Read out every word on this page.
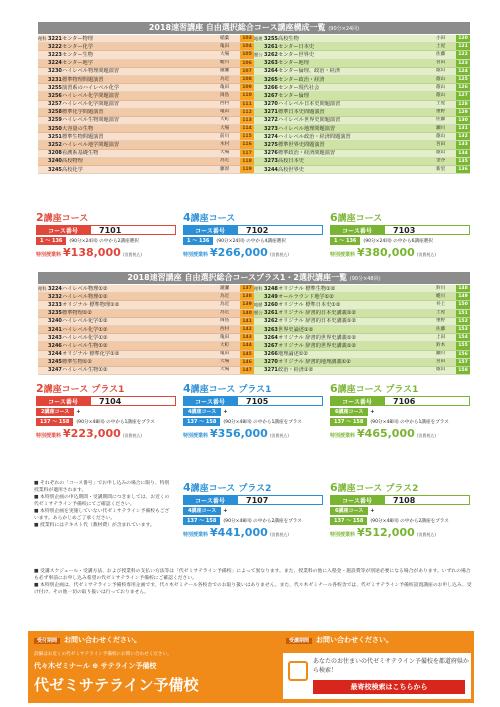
2018速習講座 自由選択総合コース講座構成一覧 (90分×24回)
理科 3221 センター物理	稲葉	103
3222 センター化学	亀田	104
3223 センター生物	大場	105
3224 センター地学	蜷川	106
3230 ハイレベル物理問題演習	瀧瀬	107
3231 標準物理問題演習	為近	108
3255 演習系のハイレベル化学	亀田	109
3256 ハイレベル化学問題演習	岡島	110
3257 ハイレベル化学問題演習	西村	111
3258 標準化学問題演習	亀田	112
3259 ハイレベル生物問題演習	大町	113
3250 大容量の生物	大場	114
3251 標準生物問題演習	前川	115
3252 ハイレベル地学問題演習	木村	116
3208 看護系基礎生物	大場	117
3240 高校物理	為近	118
3245 高校化学	藤原	119
地理 3255 高校生物	小田	120
3261 センター日本史	土屋	121
歴公 3262 センター世界史	佐藤	122
3263 センター地理	宮田	123
3264 センター倫理、政治・経済	蔭山	124
3265 センター政治・経済	蔭山	125
3266 センター現代社会	蔭山	126
3267 センター倫理	蔭山	127
3270 ハイレベル日本史問題演習	土屋	128
3271 標準日本史問題演習	重野	129
3272 ハイレベル世界史問題演習	佐藤	130
3273 ハイレベル地理問題演習	瀬川	131
3274 ハイレベル政治・経済問題演習	蔭山	132
3275 標準世界史問題演習	宮田	133
3276 標準政治・経済問題演習	蔭山	134
3273 高校日本史	金谷	135
3244 高校世界史	新里	136
2講座コース
コース番号	7101
1 〜 136	(90分×24回) の中から2講座選択
特別授業料 ¥138,000 (消費税込)
4講座コース
コース番号	7102
1 〜 136	(90分×24回) の中から4講座選択
特別授業料 ¥266,000 (消費税込)
6講座コース
コース番号	7103
1 〜 136	(90分×24回) の中から6講座選択
特別授業料 ¥380,000 (消費税込)
2018速習講座 自由選択総合コースプラス1・2選択講座一覧 (90分×48回)
理科 3224 ハイレベル物理①②	瀧瀬	137
3232 ハイレベル物理①②	為近	138
3233 オリジナル 標準物理①②	為近	139
3235 標準物理①②	為近	140
3240 ハイレベル化学①②	岡島	141
3241 ハイレベル化学①②	西村	142
3243 ハイレベル化学①②	亀田	143
3246 ハイレベル生物①②	大町	144
3244 オリジナル 標準化学①②	亀田	145
3245 標準生物①②	大場	146
3247 ハイレベル生物①②	大場	147
理科 3248 オリジナル 標準生物①②	鈴川	148
3249 オールラウンド地学①②	蜷川	149
地歴 3260 オリジナル 標準日本史①②	井上	150
歴公 3261 オリジナル 辞書的日本史講義①②	土屋	151
3262 オリジナル 辞書的日本史講義①②	重野	152
3263 世界史論述①②	佐藤	153
3264 オリジナル 辞書的世界史講義①②	上田	154
3267 オリジナル 辞書的世界史講義①②	鈴木	155
3266 地理論述①②	瀬川	156
3270 オリジナル 辞書的地理講義①②	宮田	157
3271 政治・経済①②	蔭山	158
2講座コース プラス1
コース番号	7104
2講座コース	+
137 〜 158	(90分×48回) の中から1講座をプラス
特別授業料 ¥223,000 (消費税込)
4講座コース プラス1
コース番号	7105
4講座コース	+
137 〜 158	(90分×48回) の中から1講座をプラス
特別授業料 ¥356,000 (消費税込)
6講座コース プラス1
コース番号	7106
6講座コース	+
137 〜 158	(90分×48回) の中から1講座をプラス
特別授業料 ¥465,000 (消費税込)
4講座コース プラス2
コース番号	7107
4講座コース	+
137 〜 158	(90分×48回) の中から2講座をプラス
特別授業料 ¥441,000 (消費税込)
6講座コース プラス2
コース番号	7108
6講座コース	+
137 〜 158	(90分×48回) の中から2講座をプラス
特別授業料 ¥512,000 (消費税込)
■ それぞれの「コース番号」でお申し込みの場合に限り、特別授業料が適用されます。
■ 本特別企画の申込期間・受講期間につきましては、お近くの代ゼミサテライン予備校にてご確認ください。
■ 本特別企画を実施していない代ゼミサテライン予備校もございます。あらかじめご了承ください。
■ 授業料にはテキスト代（教材費）が含まれています。
■ 受講スケジュール・受講方法、および授業料の支払い方法等は「代ゼミサテライン予備校」によって異なります。また、授業料の他に入塾金・施設費等が別途必要になる場合があります。いずれの場合も必ず事前にお申し込み希望の代ゼミサテライン予備校にご確認ください。
■ 本特別企画は、代ゼミサテライン予備校専用企画です。代々木ゼミナール各校舎でのお取り扱いはありません。また、代々木ゼミナール各校舎では、代ゼミサテライン予備校設置講座のお申し込み、受け付け、その他一切の取り扱いは行っておりません。
受付期間 お問い合わせください。	受講期間 お問い合わせください。
詳細はお近くの代ゼミサテライン予備校にお問い合わせください。
代々木ゼミナール ⊕ サテライン予備校
代ゼミサテライン予備校
あなたのお住まいの代ゼミサテライン予備校を都道府県から検索！
最寄校検索はこちらから
